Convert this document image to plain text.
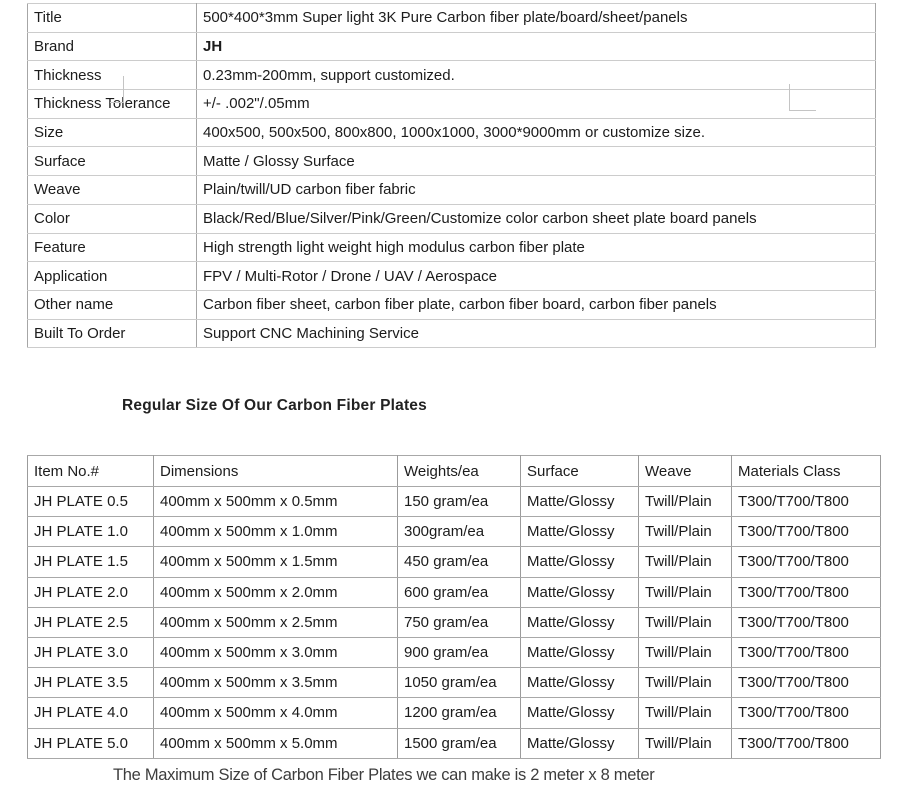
Title	500*400*3mm Super light 3K Pure Carbon fiber plate/board/sheet/panels
Brand	JH
Thickness	0.23mm-200mm, support customized.
Thickness Tolerance	+/- .002"/.05mm
Size	400x500, 500x500, 800x800, 1000x1000, 3000*9000mm or customize size.
Surface	Matte / Glossy Surface
Weave	Plain/twill/UD carbon fiber fabric
Color	Black/Red/Blue/Silver/Pink/Green/Customize color carbon sheet plate board panels
Feature	High strength light weight high modulus carbon fiber plate
Application	FPV / Multi-Rotor / Drone / UAV / Aerospace
Other name	Carbon fiber sheet, carbon fiber plate, carbon fiber board, carbon fiber panels
Built To Order	Support CNC Machining Service
Regular Size Of Our Carbon Fiber Plates
Item No.#	Dimensions	Weights/ea	Surface	Weave	Materials Class
JH PLATE 0.5	400mm x 500mm x 0.5mm	150 gram/ea	Matte/Glossy	Twill/Plain	T300/T700/T800
JH PLATE 1.0	400mm x 500mm x 1.0mm	300gram/ea	Matte/Glossy	Twill/Plain	T300/T700/T800
JH PLATE 1.5	400mm x 500mm x 1.5mm	450 gram/ea	Matte/Glossy	Twill/Plain	T300/T700/T800
JH PLATE 2.0	400mm x 500mm x 2.0mm	600 gram/ea	Matte/Glossy	Twill/Plain	T300/T700/T800
JH PLATE 2.5	400mm x 500mm x 2.5mm	750 gram/ea	Matte/Glossy	Twill/Plain	T300/T700/T800
JH PLATE 3.0	400mm x 500mm x 3.0mm	900 gram/ea	Matte/Glossy	Twill/Plain	T300/T700/T800
JH PLATE 3.5	400mm x 500mm x 3.5mm	1050 gram/ea	Matte/Glossy	Twill/Plain	T300/T700/T800
JH PLATE 4.0	400mm x 500mm x 4.0mm	1200 gram/ea	Matte/Glossy	Twill/Plain	T300/T700/T800
JH PLATE 5.0	400mm x 500mm x 5.0mm	1500 gram/ea	Matte/Glossy	Twill/Plain	T300/T700/T800
The Maximum Size of Carbon Fiber Plates we can make is 2 meter x 8 meter
